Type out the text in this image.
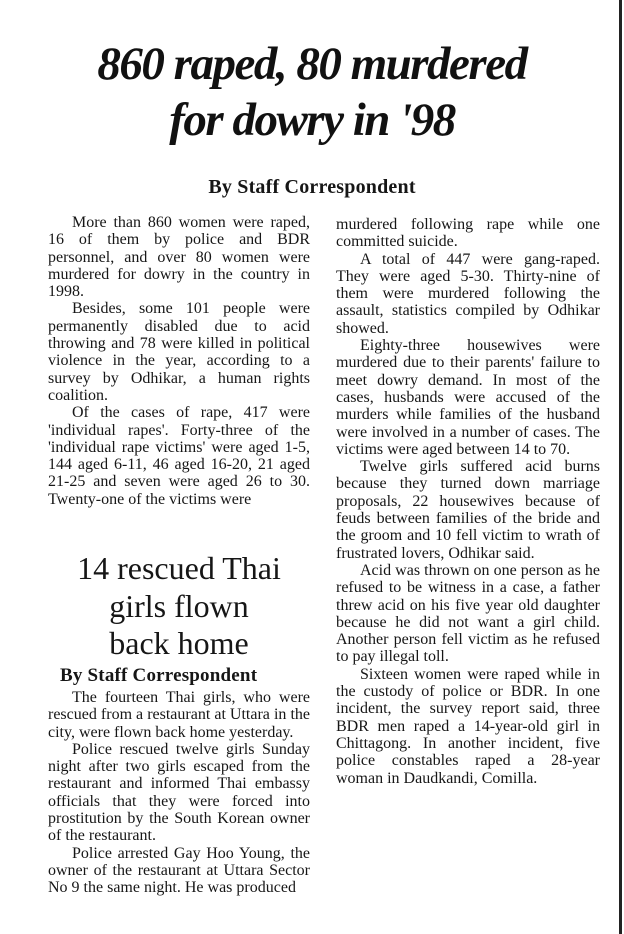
860 raped, 80 murdered
for dowry in '98
By Staff Correspondent

More than 860 women were raped, 16 of them by police and BDR personnel, and over 80 women were murdered for dowry in the country in 1998.

Besides, some 101 people were permanently disabled due to acid throwing and 78 were killed in political violence in the year, according to a survey by Odhikar, a human rights coalition.

Of the cases of rape, 417 were 'individual rapes'. Forty-three of the 'individual rape victims' were aged 1-5, 144 aged 6-11, 46 aged 16-20, 21 aged 21-25 and seven were aged 26 to 30. Twenty-one of the victims were

14 rescued Thai
girls flown
back home
By Staff Correspondent

The fourteen Thai girls, who were rescued from a restaurant at Uttara in the city, were flown back home yesterday.

Police rescued twelve girls Sunday night after two girls escaped from the restaurant and informed Thai embassy officials that they were forced into prostitution by the South Korean owner of the restaurant.

Police arrested Gay Hoo Young, the owner of the restaurant at Uttara Sector No 9 the same night. He was produced

murdered following rape while one committed suicide.

A total of 447 were gang-raped. They were aged 5-30. Thirty-nine of them were murdered following the assault, statistics compiled by Odhikar showed.

Eighty-three housewives were murdered due to their parents' failure to meet dowry demand. In most of the cases, husbands were accused of the murders while families of the husband were involved in a number of cases. The victims were aged between 14 to 70.

Twelve girls suffered acid burns because they turned down marriage proposals, 22 housewives because of feuds between families of the bride and the groom and 10 fell victim to wrath of frustrated lovers, Odhikar said.

Acid was thrown on one person as he refused to be witness in a case, a father threw acid on his five year old daughter because he did not want a girl child. Another person fell victim as he refused to pay illegal toll.

Sixteen women were raped while in the custody of police or BDR. In one incident, the survey report said, three BDR men raped a 14-year-old girl in Chittagong. In another incident, five police constables raped a 28-year woman in Daudkandi, Comilla.
